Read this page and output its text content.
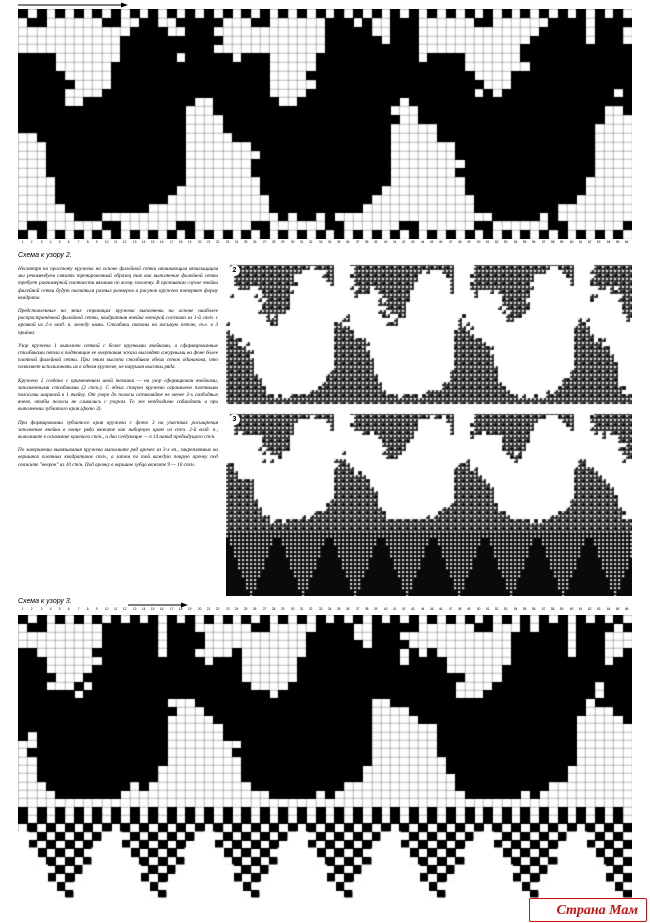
1 2 3 4 5 6 7 8 9 10 11 12 13 14 15 16 17 18 19 20 21 22 23 24 25 26 27 28 29 30 31 32 33 34 35 36 37 38 39 40 41 42 43 44 45 46 47 48 49 50 51 52 53 54 55 56 57 58 59 60 61 62 63 64 65 66
Схема к узору 2.

Несмотря на простоту кружева на основе филейной сетки начинающим вязальщицам мы рекомендуем связать тренировочный образец так как выполнение филейной сетки требует равномерной плотности вязания по всему полотну. В противном случае ячейки филейной сетки будут оказаться разных размеров и рисунок кружева потеряет форму квадрата.

Представленные на этих страницах кружева выполнены на основе наиболее распространённой филейной сетки, квадратная ячейка которой состоит из 1-й ст/н. с арочкой из 2-х возд. п. между ними. Столбики связаны на восьмую петлю, т.е. в 3 приёма.

Узор кружева 1 выполнен сеткой с более крупными ячейками, а сформированные столбиками петли в подтоящие ее очертания эскиза выглядят ажурными на фоне более плотной филейной сетки. При этом высота столбиков обеих сеток одинакова, что позволяет использовать их в одном кружеве, не нарушая высоты ряда.

Кружево 2 создано с применением иной техники — на узор сформирован ячейками, заполненными столбиками (2 ст/н.). С обеих сторон кружево ограничено плотными полосами шириной в 1 ячейку. От узора до полосы оставляйте не менее 2-х свободных ячеек, чтобы полосы не сливались с узором. То же необходимо соблюдать и при выполнении зубчатого края (фото 3).

При формировании зубчатого края кружева с фото 3 на участках расширения заполнение ячейки в конце ряда вяжите как наборную краю из ст/н. 2-й возд. п., выполните в основание краевого ст/н., а два следующие — в 14 накид предыдущего ст/н.

По завершении вывязывания кружева выполните ряд арочек из 3-х вп., закрепляемых на вершинах плотных квадратиков ст/н., а затем по той каждую покрую арочку под свяжите "веерок" из 10 ст/н. Под арочку в вершине зубца вяжите 9 — 10 ст/н.

2
3
Схема к узору 3.
1 2 3 4 5 6 7 8 9 10 11 12 13 14 15 16 17 18 19 20 21 22 23 24 25 26 27 28 29 30 31 32 33 34 35 36 37 38 39 40 41 42 43 44 45 46 47 48 49 50 51 52 53 54 55 56 57 58 59 60 61 62 63 64 65 66
Страна Мам
